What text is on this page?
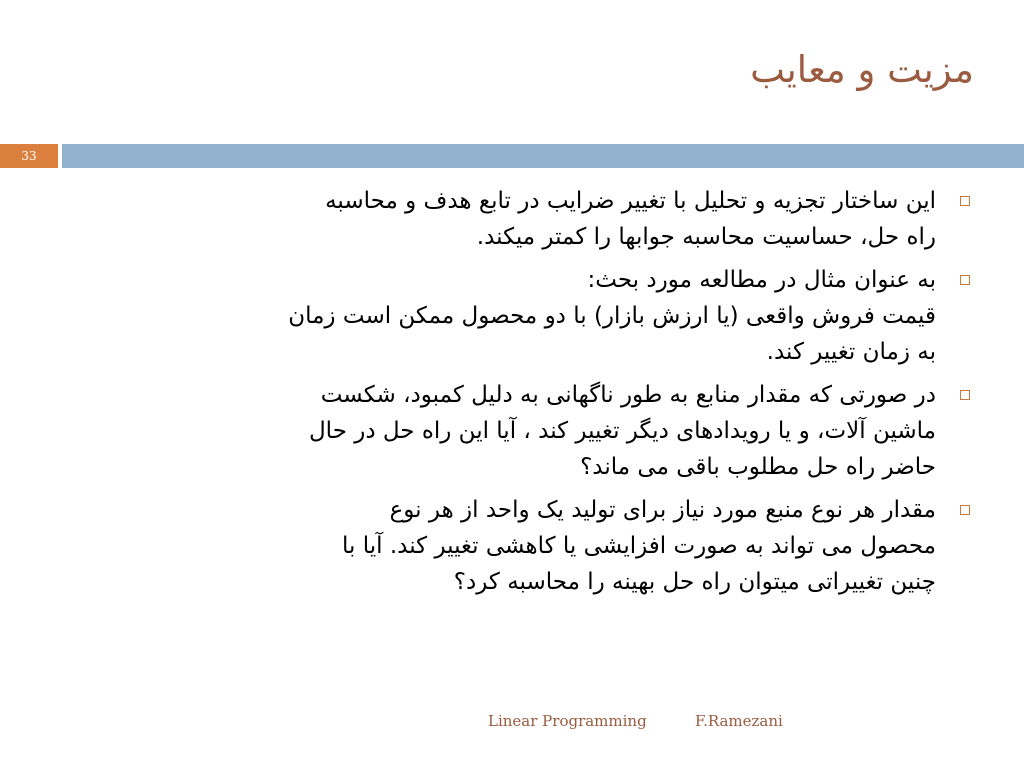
مزیت و معایب
33
این ساختار تجزیه و تحلیل با تغییر ضرایب در تابع هدف و محاسبه
راه حل، حساسیت محاسبه جوابها را کمتر میکند.
به عنوان مثال در مطالعه مورد بحث:
قیمت فروش واقعی (یا ارزش بازار) با دو محصول ممکن است زمان
به زمان تغییر کند.
در صورتی که مقدار منابع به طور ناگهانی به دلیل کمبود، شکست
ماشین آلات، و یا رویدادهای دیگر تغییر کند ، آیا این راه حل در حال
حاضر راه حل مطلوب باقی می ماند؟
مقدار هر نوع منبع مورد نیاز برای تولید یک واحد از هر نوع
محصول می تواند به صورت افزایشی یا کاهشی تغییر کند. آیا با
چنین تغییراتی میتوان راه حل بهینه را محاسبه کرد؟
Linear Programming	F.Ramezani
